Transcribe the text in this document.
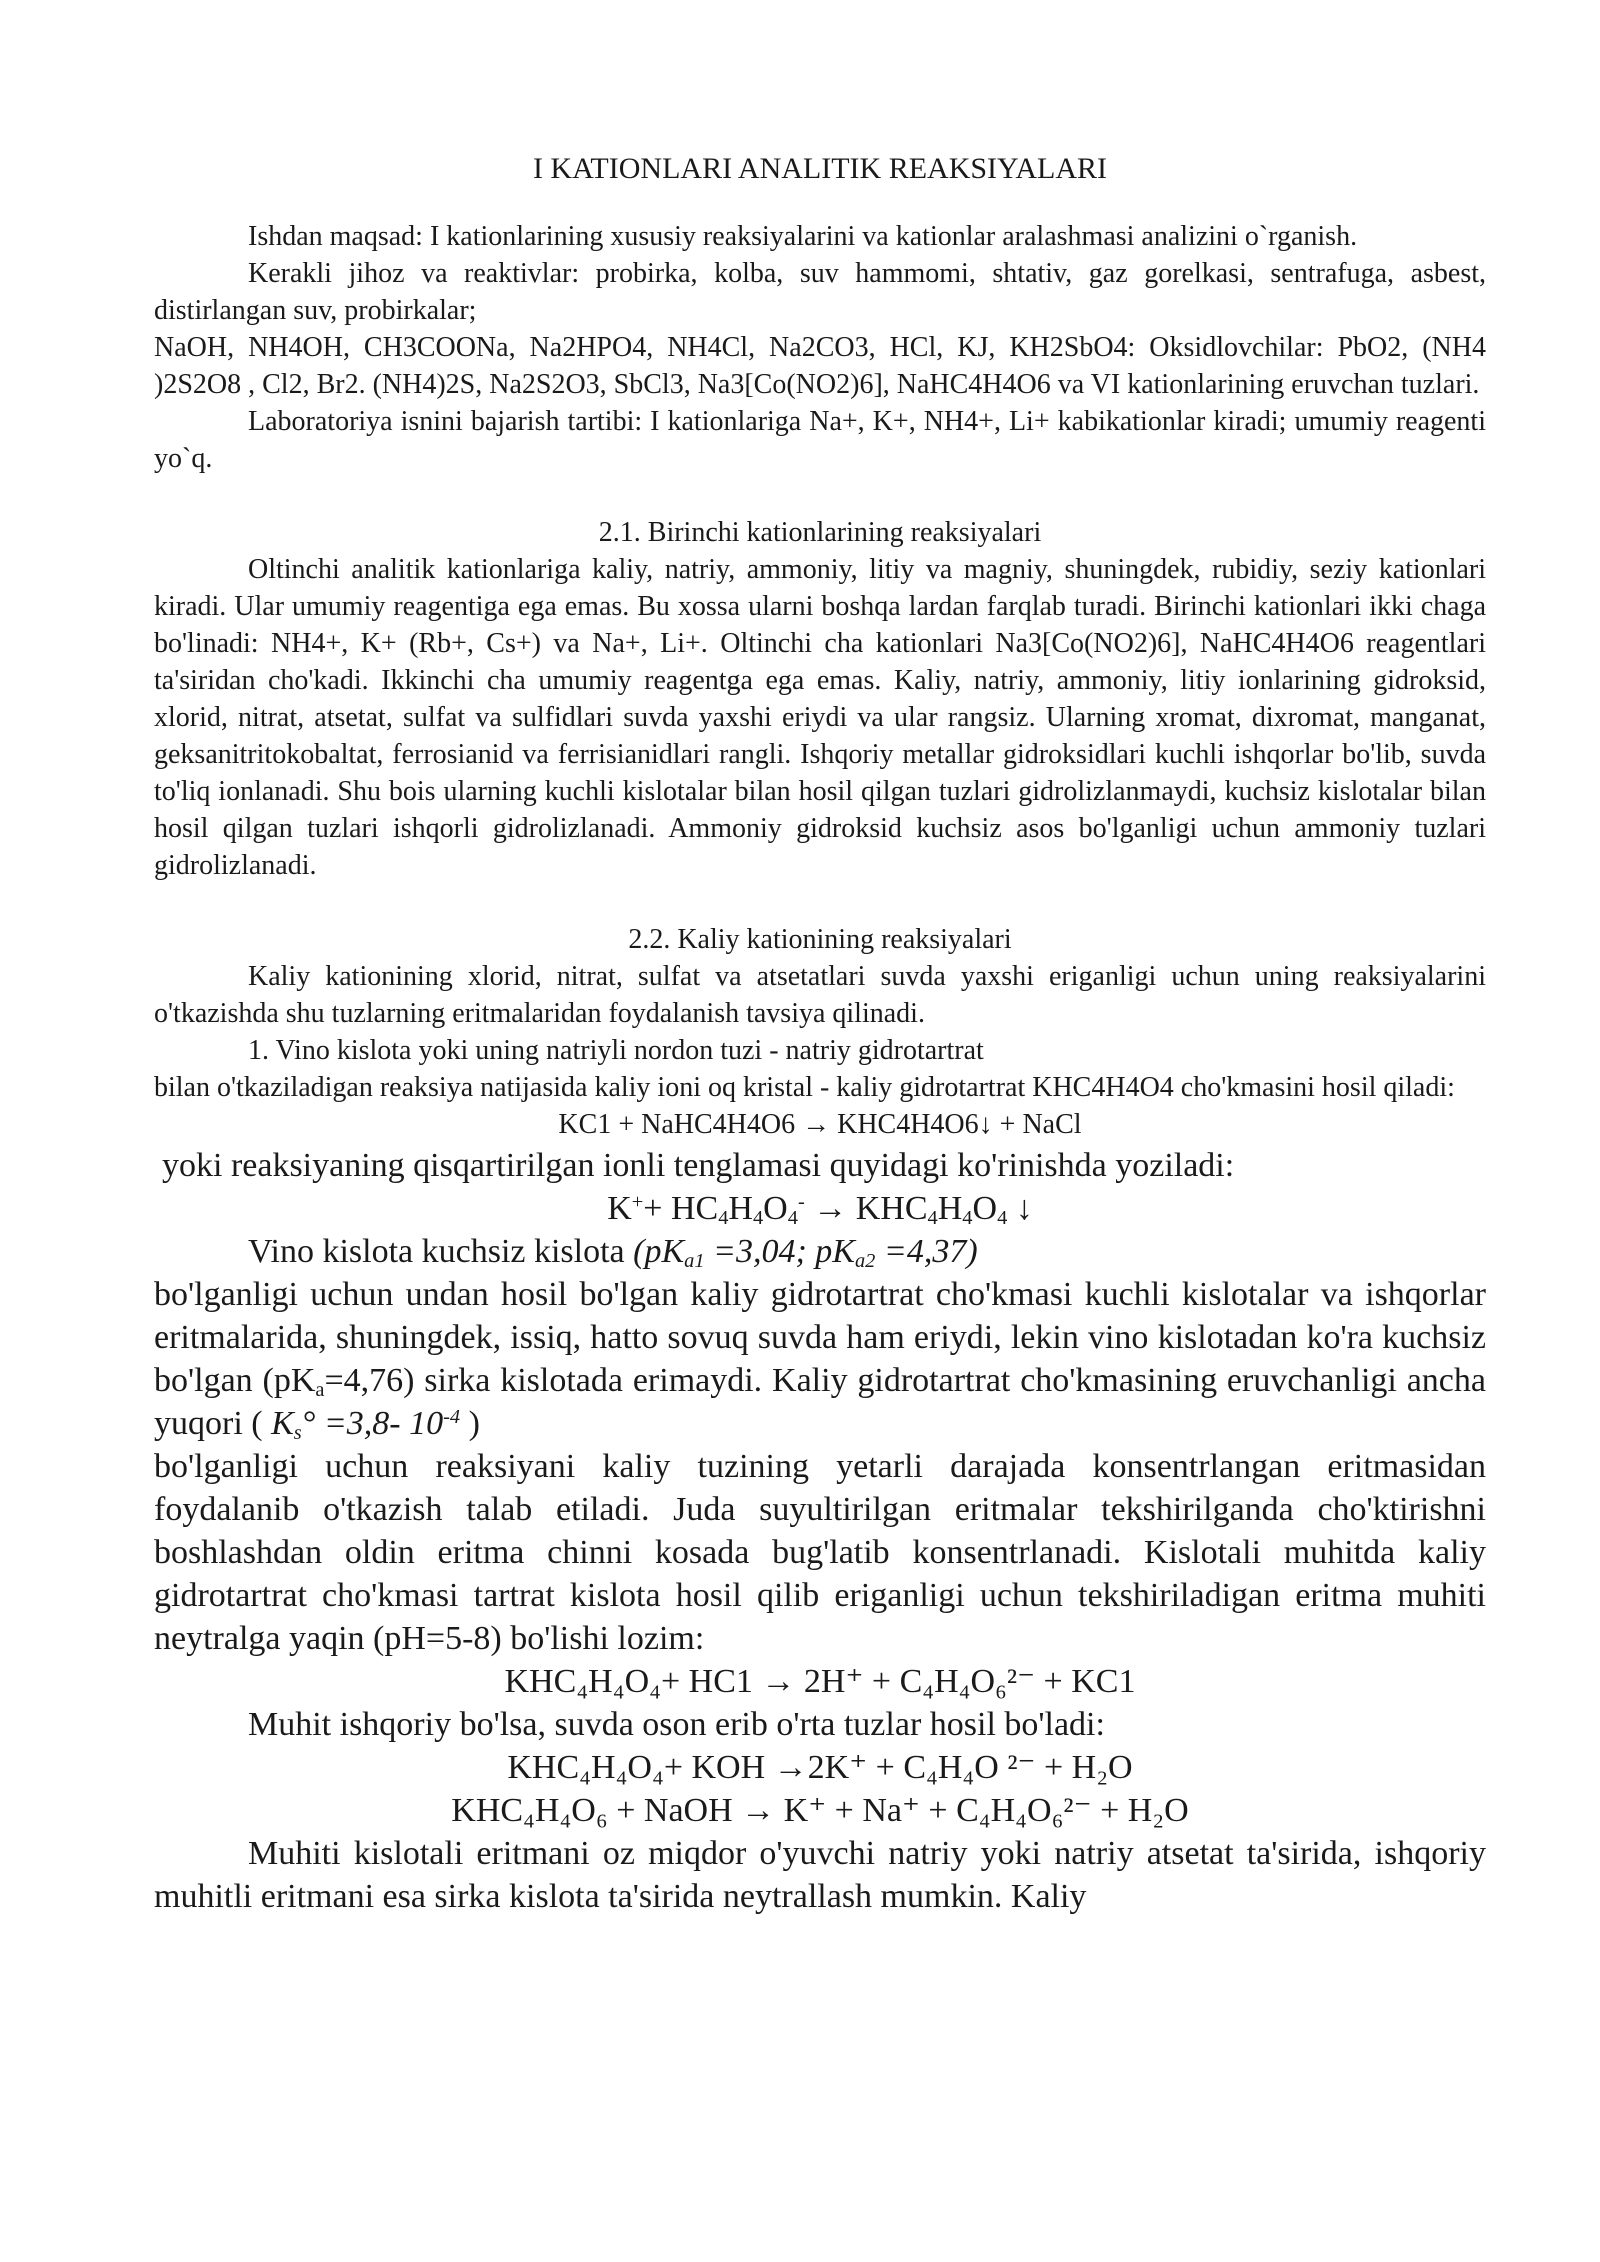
I KATIONLARI ANALITIK REAKSIYALARI

Ishdan maqsad: I kationlarining xususiy reaksiyalarini va kationlar aralashmasi analizini o`rganish.

Kerakli jihoz va reaktivlar: probirka, kolba, suv hammomi, shtativ, gaz gorelkasi, sentrafuga, asbest, distirlangan suv, probirkalar;

NaOH, NH4OH, CH3COONa, Na2HPO4, NH4Cl, Na2CO3, HCl, KJ, KH2SbO4: Oksidlovchilar: PbO2, (NH4 )2S2O8 , Cl2, Br2. (NH4)2S, Na2S2O3, SbCl3, Na3[Co(NO2)6], NaHC4H4O6 va VI kationlarining eruvchan tuzlari.

Laboratoriya isnini bajarish tartibi: I kationlariga Na+, K+, NH4+, Li+ kabikationlar kiradi; umumiy reagenti yo`q.

2.1. Birinchi kationlarining reaksiyalari

Oltinchi analitik kationlariga kaliy, natriy, ammoniy, litiy va magniy, shuningdek, rubidiy, seziy kationlari kiradi. Ular umumiy reagentiga ega emas. Bu xossa ularni boshqa lardan farqlab turadi. Birinchi kationlari ikki chaga bo'linadi: NH4+, K+ (Rb+, Cs+) va Na+, Li+. Oltinchi cha kationlari Na3[Co(NO2)6], NaHC4H4O6 reagentlari ta'siridan cho'kadi. Ikkinchi cha umumiy reagentga ega emas. Kaliy, natriy, ammoniy, litiy ionlarining gidroksid, xlorid, nitrat, atsetat, sulfat va sulfidlari suvda yaxshi eriydi va ular rangsiz. Ularning xromat, dixromat, manganat, geksanitritokobaltat, ferrosianid va ferrisianidlari rangli. Ishqoriy metallar gidroksidlari kuchli ishqorlar bo'lib, suvda to'liq ionlanadi. Shu bois ularning kuchli kislotalar bilan hosil qilgan tuzlari gidrolizlanmaydi, kuchsiz kislotalar bilan hosil qilgan tuzlari ishqorli gidrolizlanadi. Ammoniy gidroksid kuchsiz asos bo'lganligi uchun ammoniy tuzlari gidrolizlanadi.

2.2. Kaliy kationining reaksiyalari

Kaliy kationining xlorid, nitrat, sulfat va atsetatlari suvda yaxshi eriganligi uchun uning reaksiyalarini o'tkazishda shu tuzlarning eritmalaridan foydalanish tavsiya qilinadi.

1. Vino kislota yoki uning natriyli nordon tuzi - natriy gidrotartrat

bilan o'tkaziladigan reaksiya natijasida kaliy ioni oq kristal - kaliy gidrotartrat KHC4H4O4 cho'kmasini hosil qiladi:

KC1 + NaHC4H4O6 → KHC4H4O6↓ + NaCl

yoki reaksiyaning qisqartirilgan ionli tenglamasi quyidagi ko'rinishda yoziladi:

$K^++ HC_4H_4O_4^- \to KHC_4H_4O_4$ ↓

Vino kislota kuchsiz kislota ($pK_{a1} =3,04$; $pK_{a2} =4,37$)

bo'lganligi uchun undan hosil bo'lgan kaliy gidrotartrat cho'kmasi kuchli kislotalar va ishqorlar eritmalarida, shuningdek, issiq, hatto sovuq suvda ham eriydi, lekin vino kislotadan ko'ra kuchsiz bo'lgan $(pK_a=4,76)$ sirka kislotada erimaydi. Kaliy gidrotartrat cho'kmasining eruvchanligi ancha yuqori ( $K_s^\circ =3,8-$ $10^{-4}$ )

bo'lganligi uchun reaksiyani kaliy tuzining yetarli darajada konsentrlangan eritmasidan foydalanib o'tkazish talab etiladi. Juda suyultirilgan eritmalar tekshirilganda cho'ktirishni boshlashdan oldin eritma chinni kosada bug'latib konsentrlanadi. Kislotali muhitda kaliy gidrotartrat cho'kmasi tartrat kislota hosil qilib eriganligi uchun tekshiriladigan eritma muhiti neytralga yaqin (pH=5-8) bo'lishi lozim:

KHC₄H₄O₄+ HC1 → 2H⁺ + C₄H₄O₆²⁻ + KC1

Muhit ishqoriy bo'lsa, suvda oson erib o'rta tuzlar hosil bo'ladi:

KHC₄H₄O₄+ KOH →2K⁺ + C₄H₄O ²⁻ + H₂O

KHC₄H₄O₆ + NaOH → K⁺ + Na⁺ + C₄H₄O₆²⁻ + H₂O

Muhiti kislotali eritmani oz miqdor o'yuvchi natriy yoki natriy atsetat ta'sirida, ishqoriy muhitli eritmani esa sirka kislota ta'sirida neytrallash mumkin. Kaliy
